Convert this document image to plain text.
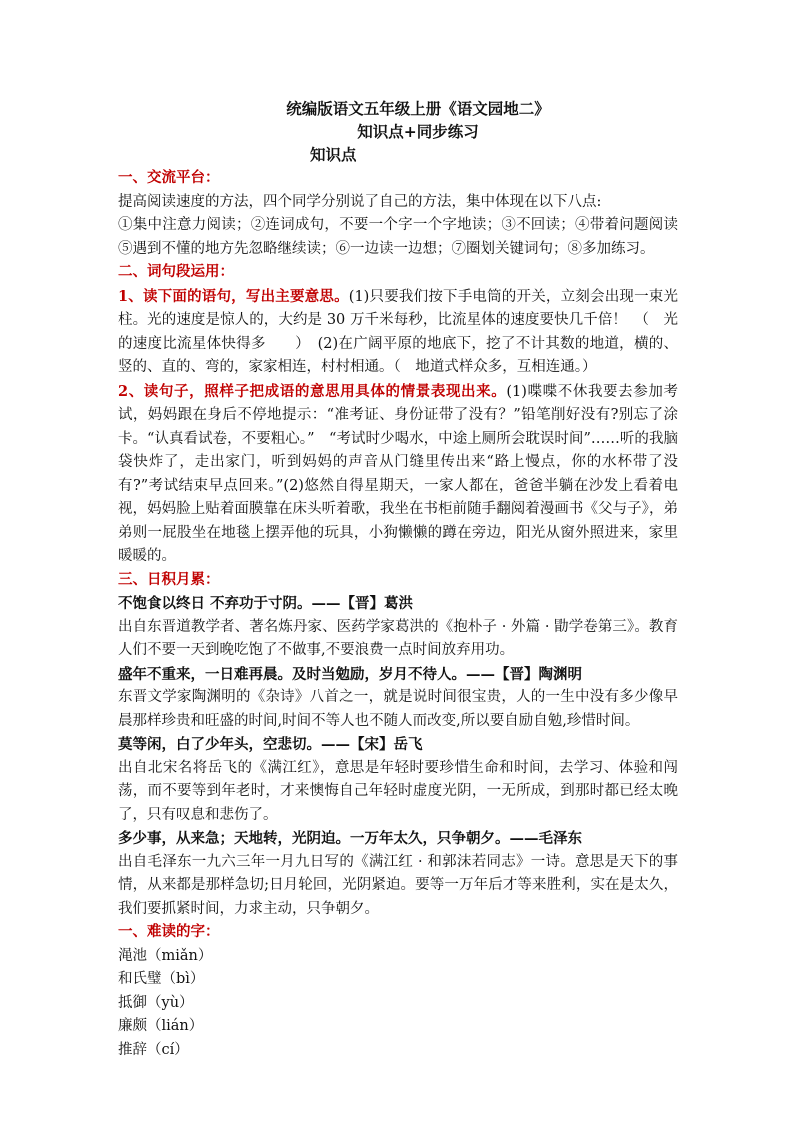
统编版语文五年级上册《语文园地二》
知识点+同步练习
知识点
一、交流平台：

提高阅读速度的方法，四个同学分别说了自己的方法，集中体现在以下八点:

①集中注意力阅读；②连词成句，不要一个字一个字地读；③不回读；④带着问题阅读 ⑤遇到不懂的地方先忽略继续读；⑥一边读一边想；⑦圈划关键词句；⑧多加练习。

二、词句段运用：

1、读下面的语句，写出主要意思。(1)只要我们按下手电筒的开关，立刻会出现一束光柱。光的速度是惊人的，大约是 30 万千米每秒，比流星体的速度要快几千倍！　（　光的速度比流星体快得多　　）　(2)在广阔平原的地底下，挖了不计其数的地道，横的、竖的、直的、弯的，家家相连，村村相通。（　地道式样众多，互相连通。）

2、读句子，照样子把成语的意思用具体的情景表现出来。(1)喋喋不休我要去参加考试，妈妈跟在身后不停地提示：“准考证、身份证带了没有？”铅笔削好没有?别忘了涂卡。“认真看试卷，不要粗心。”　“考试时少喝水，中途上厕所会耽误时间”……听的我脑袋快炸了，走出家门，听到妈妈的声音从门缝里传出来“路上慢点，你的水杯带了没有?”考试结束早点回来。”(2)悠然自得星期天，一家人都在，爸爸半躺在沙发上看着电视，妈妈脸上贴着面膜靠在床头听着歌，我坐在书柜前随手翻阅着漫画书《父与子》，弟弟则一屁股坐在地毯上摆弄他的玩具，小狗懒懒的蹲在旁边，阳光从窗外照进来，家里暖暖的。

三、日积月累：

不饱食以终日 不弃功于寸阴。——【晋】葛洪

出自东晋道教学者、著名炼丹家、医药学家葛洪的《抱朴子 · 外篇 · 勖学卷第三》。教育人们不要一天到晚吃饱了不做事,不要浪费一点时间放弃用功。

盛年不重来，一日难再晨。及时当勉励，岁月不待人。——【晋】陶渊明

东晋文学家陶渊明的《杂诗》八首之一，就是说时间很宝贵，人的一生中没有多少像早晨那样珍贵和旺盛的时间,时间不等人也不随人而改变,所以要自励自勉,珍惜时间。

莫等闲，白了少年头，空悲切。——【宋】岳飞

出自北宋名将岳飞的《满江红》，意思是年轻时要珍惜生命和时间，去学习、体验和闯荡，而不要等到年老时，才来懊悔自己年轻时虚度光阴，一无所成，到那时都已经太晚了，只有叹息和悲伤了。

多少事，从来急；天地转，光阴迫。一万年太久，只争朝夕。——毛泽东

出自毛泽东一九六三年一月九日写的《满江红 · 和郭沫若同志》一诗。意思是天下的事情，从来都是那样急切;日月轮回，光阴紧迫。要等一万年后才等来胜利，实在是太久，我们要抓紧时间，力求主动，只争朝夕。

一、难读的字：
渑池（miǎn）
和氏璧（bì）
抵御（yù）
廉颇（lián）
推辞（cí）
